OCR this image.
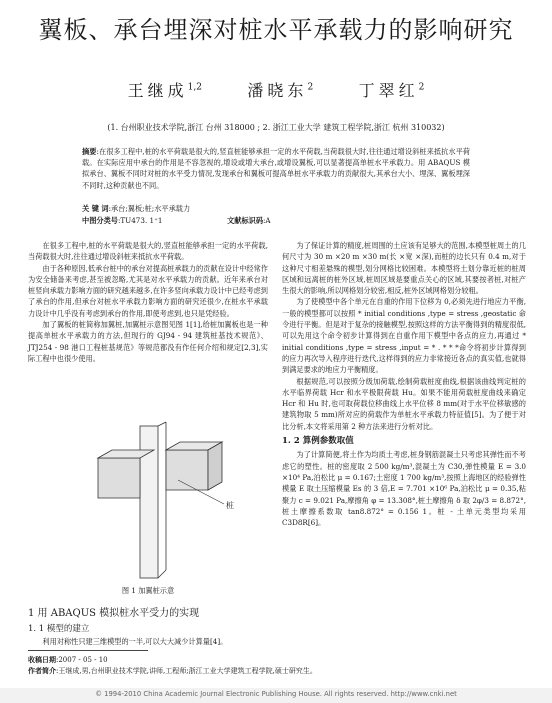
翼板、承台埋深对桩水平承载力的影响研究
王继成$^{1,2}$	潘晓东$^2$	丁翠红$^2$
(1. 台州职业技术学院,浙江 台州 318000 ; 2. 浙江工业大学 建筑工程学院,浙江 杭州 310032)
摘要:在很多工程中,桩的水平荷载是很大的,竖直桩能够承担一定的水平荷载,当荷载很大时,往往通过增设斜桩来抵抗水平荷载。在实际应用中承台的作用是不容忽视的,增设或增大承台,或增设翼板,可以显著提高单桩水平承载力。用 ABAQUS 模拟承台、翼板不同时对桩的水平受力情况,发现承台和翼板可提高单桩水平承载力的贡献很大,其承台大小、埋深、翼板埋深不同时,这种贡献也不同。
关 键 词:承台;翼板;桩;水平承载力
中图分类号:TU473. 1⁺1	文献标识码:A

在很多工程中,桩的水平荷载是很大的,竖直桩能够承担一定的水平荷载,当荷载很大时,往往通过增设斜桩来抵抗水平荷载。

由于各种原因,低承台桩中的承台对提高桩承载力的贡献在设计中经常作为安全储备来考虑,甚至被忽略,尤其是对水平承载力的贡献。近年来承台对桩竖向承载力影响方面的研究越来越多,在许多竖向承载力设计中已经考虑到了承台的作用,但承台对桩水平承载力影响方面的研究还很少,在桩水平承载力设计中几乎没有考虑到承台的作用,即使考虑到,也只是凭经验。

加了翼板的桩简称加翼桩,加翼桩示意图见图 1[1],给桩加翼板也是一种提高单桩水平承载力的方法,但现行的 GJ94 - 94 建筑桩基技术规范》、JTJ254 - 98 港口工程桩基规范》等规范都没有作任何介绍和规定[2,3],实际工程中也很少使用。

桩
图 1 加翼桩示意
1 用 ABAQUS 模拟桩水平受力的实现
1. 1 模型的建立
利用对称性只建三维模型的一半,可以大大减少计算量[4]。

为了保证计算的精度,桩周围的土应该有足够大的范围,本模型桩周土的几何尺寸为 30 m ×20 m ×30 m(长 ×宽 ×深),而桩的边长只有 0.4 m,对于这种尺寸相差悬殊的模型,划分网格比较困难。本模型将土划分靠近桩的桩周区域和远离桩的桩外区域,桩周区域是要重点关心的区域,其要按者桩,对桩产生很大的影响,所以网格划分较密,相反,桩外区域网格划分较粗。

为了使模型中各个单元在自重的作用下位移为 0,必须先进行地应力平衡,一般的模型都可以按照 * initial conditions ,type = stress ,geostatic 命令进行平衡。但是对于复杂的接触模型,按照这样的方法平衡得到的精度很低,可以先用这个命令初步计算得到在自重作用下模型中各点的应力,再通过 * initial conditions ,type = stress ,input = * . * * *命令将初步计算得到的应力再次导入程序进行迭代,这样得到的应力非常接近各点的真实值,也就得到满足要求的地应力平衡精度。

根据规范,可以按照分级加荷载,绘制荷载桩度曲线,根据该曲线判定桩的水平临界荷载 Hcr 和水平极限荷载 Hu。如果不能用荷载桩度曲线来确定 Hcr 和 Hu 时,也可取荷载位移曲线上水平位移 8 mm(对于水平位移敏感的建筑物取 5 mm)所对应的荷载作为单桩水平承载力特征值[5]。为了便于对比分析,本文将采用第 2 种方法来进行分析对比。

1. 2 算例参数取值

为了计算简便,将土作为均质土考虑,桩身钢筋混凝土只考虑其弹性而不考虑它的塑性。桩的密度取 2 500 kg/m³,混凝土为 C30,弹性模量 E = 3.0 ×10⁴ Pa,泊松比 μ = 0.167;土密度 1 700 kg/m³,按照上海地区的经验弹性模量 E 取土压缩模量 Es 的 3 倍,E = 7.701 ×10⁶ Pa,泊松比 μ = 0.35,粘聚力 c = 9.021 Pa,摩擦角 φ = 13.308°,桩土摩擦角 δ 取 2φ/3 = 8.872°,桩土摩擦系数取 tan8.872° = 0.156 1。桩 - 土单元类型均采用 C3D8R[6]。

收稿日期:2007 - 05 - 10
作者简介:王继成,男,台州职业技术学院,讲师,工程师;浙江工业大学建筑工程学院,硕士研究生。
© 1994-2010 China Academic Journal Electronic Publishing House. All rights reserved. http://www.cnki.net
